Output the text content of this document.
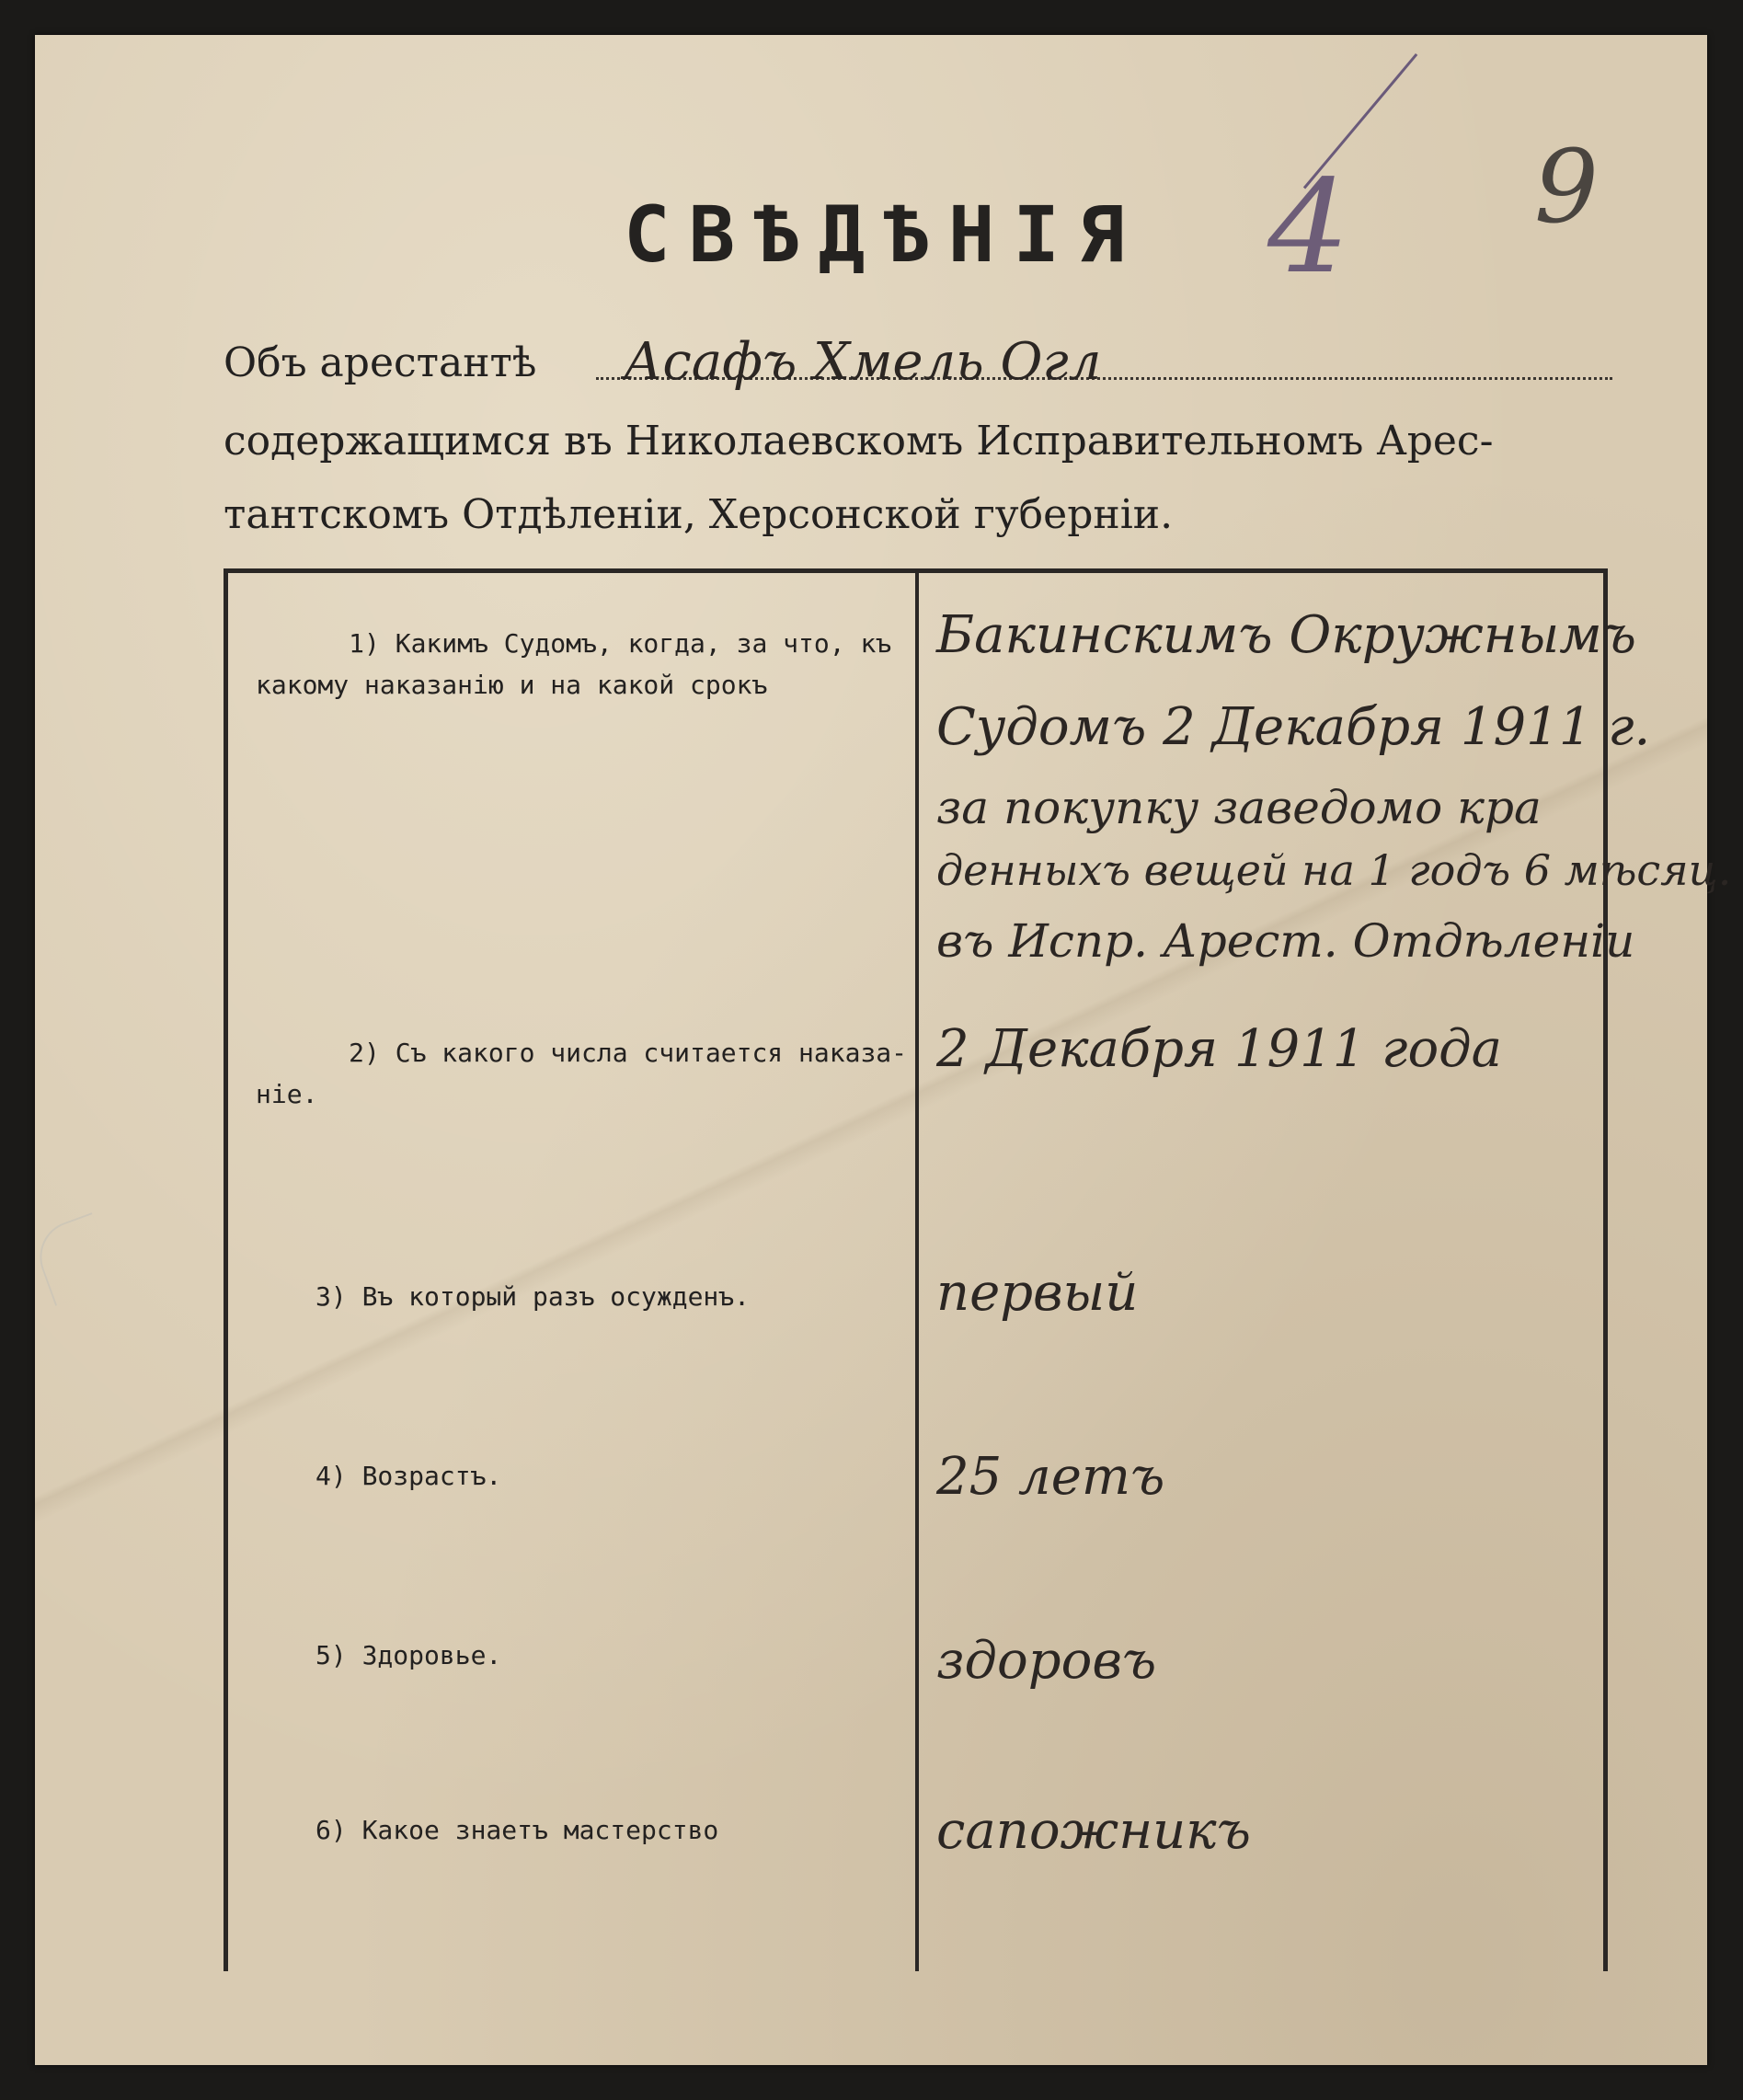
9
4
СВѢДѢНІЯ
Объ арестантѣ Асафъ Хмель Огл
содержащимся въ Николаевскомъ Исправительномъ Арес-
тантскомъ Отдѣленіи, Херсонской губерніи.
1) Какимъ Судомъ, когда, за что, къ
какому наказанію и на какой срокъ
2) Съ какого числа считается наказа-
ніе.
3) Въ который разъ осужденъ.
4) Возрастъ.
5) Здоровье.
6) Какое знаетъ мастерство
Бакинскимъ Окружнымъ
Судомъ 2 Декабря 1911 г.
за покупку заведомо кра
денныхъ вещей на 1 годъ 6 мѣсяц.
въ Испр. Арест. Отдѣленіи
2 Декабря 1911 года
первый
25 летъ
здоровъ
сапожникъ
